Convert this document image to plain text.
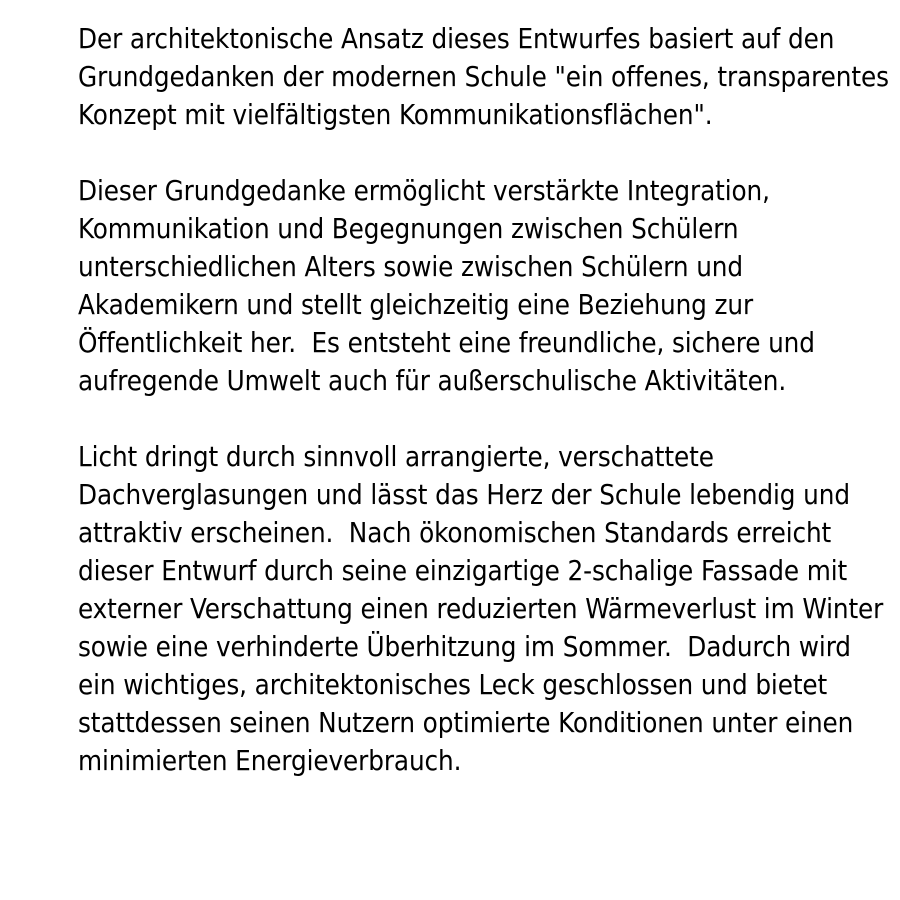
Der architektonische Ansatz dieses Entwurfes basiert auf den Grundgedanken der modernen Schule "ein offenes, transparentes Konzept mit vielfältigsten Kommunikationsflächen".

Dieser Grundgedanke ermöglicht verstärkte Integration, Kommunikation und Begegnungen zwischen Schülern unterschiedlichen Alters sowie zwischen Schülern und Akademikern und stellt gleichzeitig eine Beziehung zur Öffentlichkeit her.  Es entsteht eine freundliche, sichere und aufregende Umwelt auch für außerschulische Aktivitäten.

Licht dringt durch sinnvoll arrangierte, verschattete Dachverglasungen und lässt das Herz der Schule lebendig und attraktiv erscheinen.  Nach ökonomischen Standards erreicht dieser Entwurf durch seine einzigartige 2-schalige Fassade mit externer Verschattung einen reduzierten Wärmeverlust im Winter sowie eine verhinderte Überhitzung im Sommer.  Dadurch wird ein wichtiges, architektonisches Leck geschlossen und bietet stattdessen seinen Nutzern optimierte Konditionen unter einen minimierten Energieverbrauch.
